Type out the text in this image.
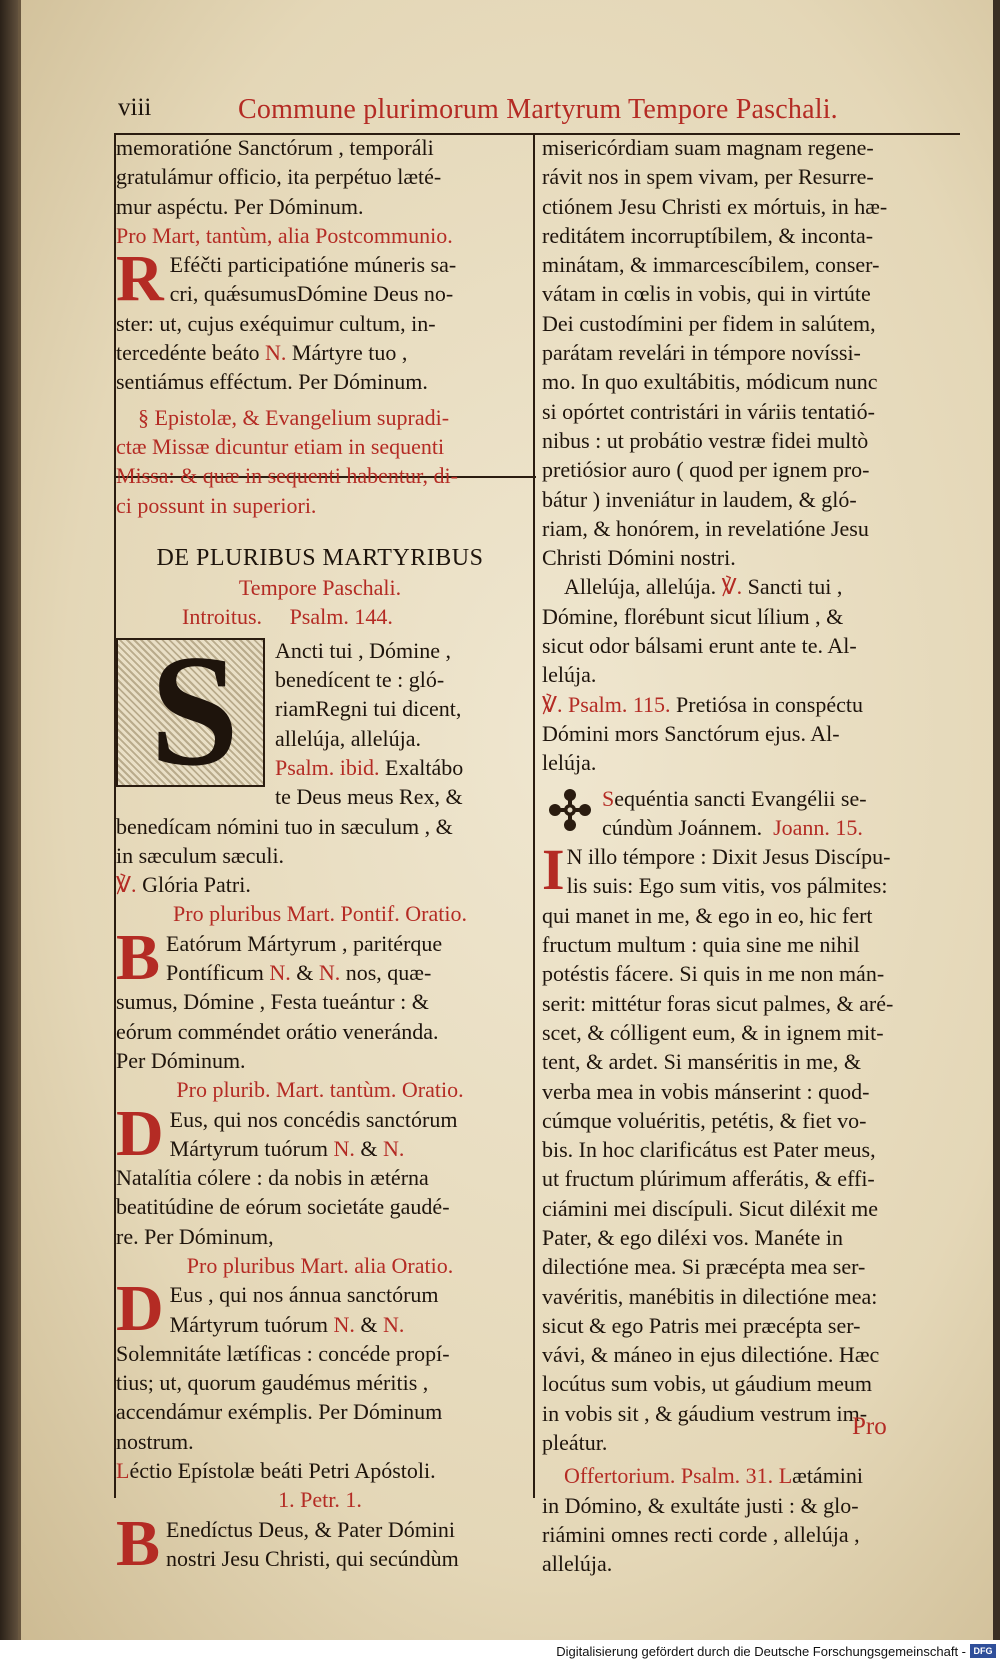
viii	Commune plurimorum Martyrum Tempore Paschali.

memoratióne Sanctórum , temporáli

gratulámur officio, ita perpétuo læté-

mur aspéctu. Per Dóminum.

Pro Mart, tantùm, alia Postcommunio.

R Eféčti participatióne múneris sa-

cri, quǽsumusDómine Deus no-

ster: ut, cujus exéquimur cultum, in-

tercedénte beáto N. Mártyre tuo ,

sentiámus efféctum. Per Dóminum.

§ Epistolæ, & Evangelium supradi-

ctæ Missæ dicuntur etiam in sequenti

Missa: & quæ in sequenti habentur, di-

ci possunt in superiori.

DE PLURIBUS MARTYRIBUS

Tempore Paschali.

Introitus. Psalm. 144.

S	Ancti tui , Dómine ,

benedícent te : gló-

riamRegni tui dicent,

allelúja, allelúja.

Psalm. ibid. Exaltábo

te Deus meus Rex, &

benedícam nómini tuo in sæculum , &

in sæculum sæculi.

℣. Glória Patri.

Pro pluribus Mart. Pontif. Oratio.

B Eatórum Mártyrum , paritérque

Pontíficum N. & N. nos, quæ-

sumus, Dómine , Festa tueántur : &

eórum comméndet orátio veneránda.

Per Dóminum.

Pro plurib. Mart. tantùm. Oratio.

D Eus, qui nos concédis sanctórum

Mártyrum tuórum N. & N.

Natalítia cólere : da nobis in ætérna

beatitúdine de eórum societáte gaudé-

re. Per Dóminum,

Pro pluribus Mart. alia Oratio.

D Eus , qui nos ánnua sanctórum

Mártyrum tuórum N. & N.

Solemnitáte lætíficas : concéde propí-

tius; ut, quorum gaudémus méritis ,

accendámur exémplis. Per Dóminum

nostrum.

Léctio Epístolæ beáti Petri Apóstoli.

1. Petr. 1.

B Enedíctus Deus, & Pater Dómini

nostri Jesu Christi, qui secúndùm

misericórdiam suam magnam regene-

rávit nos in spem vivam, per Resurre-

ctiónem Jesu Christi ex mórtuis, in hæ-

reditátem incorruptíbilem, & inconta-

minátam, & immarcescíbilem, conser-

vátam in cœlis in vobis, qui in virtúte

Dei custodímini per fidem in salútem,

parátam revelári in témpore novíssi-

mo. In quo exultábitis, módicum nunc

si opórtet contristári in váriis tentatió-

nibus : ut probátio vestræ fidei multò

pretiósior auro ( quod per ignem pro-

bátur ) inveniátur in laudem, & gló-

riam, & honórem, in revelatióne Jesu

Christi Dómini nostri.

Allelúja, allelúja. ℣. Sancti tui ,

Dómine, florébunt sicut lílium , &

sicut odor bálsami erunt ante te. Al-

lelúja.

℣. Psalm. 115. Pretiósa in conspéctu

Dómini mors Sanctórum ejus. Al-

lelúja.

Sequéntia sancti Evangélii se-

cúndùm Joánnem. Joann. 15.

I N illo témpore : Dixit Jesus Discípu-

lis suis: Ego sum vitis, vos pálmites:

qui manet in me, & ego in eo, hic fert

fructum multum : quia sine me nihil

potéstis fácere. Si quis in me non mán-

serit: mittétur foras sicut palmes, & aré-

scet, & cólligent eum, & in ignem mit-

tent, & ardet. Si manséritis in me, &

verba mea in vobis mánserint : quod-

cúmque voluéritis, petétis, & fiet vo-

bis. In hoc clarificátus est Pater meus,

ut fructum plúrimum afferátis, & effi-

ciámini mei discípuli. Sicut diléxit me

Pater, & ego diléxi vos. Manéte in

dilectióne mea. Si præcépta mea ser-

vavéritis, manébitis in dilectióne mea:

sicut & ego Patris mei præcépta ser-

vávi, & máneo in ejus dilectióne. Hæc

locútus sum vobis, ut gáudium meum

in vobis sit , & gáudium vestrum im-

pleátur.

Offertorium. Psalm. 31. Lætámini

in Dómino, & exultáte justi : & glo-

riámini omnes recti corde , allelúja ,

allelúja.

Pro
Digitalisierung gefördert durch die Deutsche Forschungsgemeinschaft - DFG
